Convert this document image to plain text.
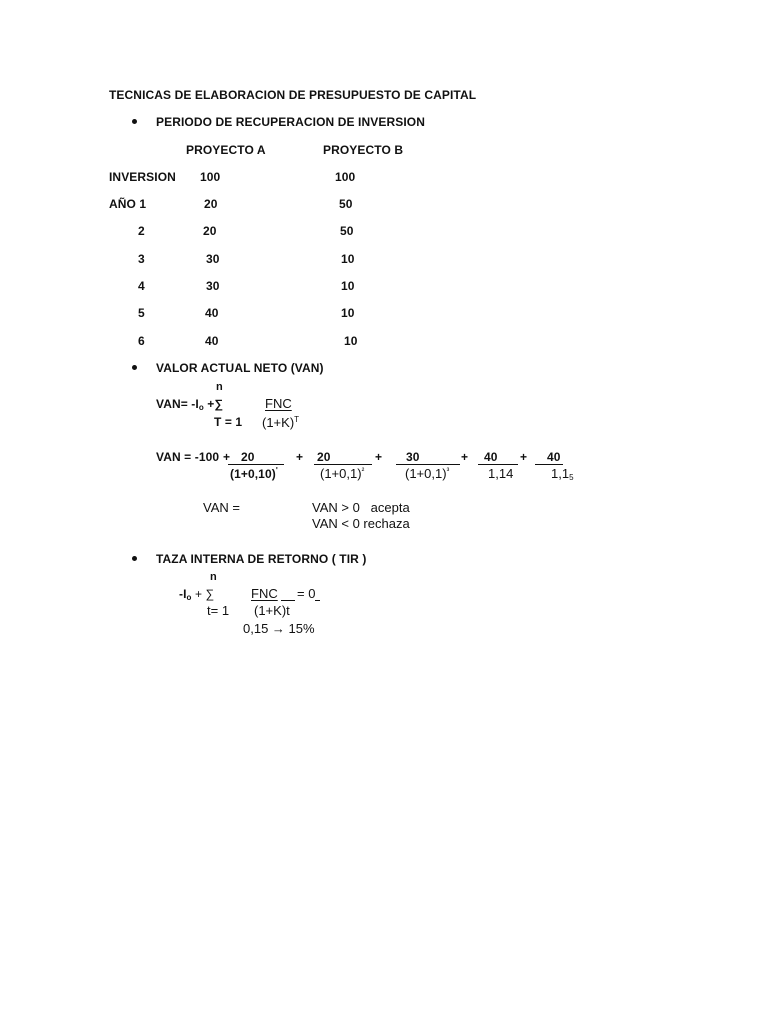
TECNICAS DE ELABORACION DE PRESUPUESTO DE CAPITAL
PERIODO DE RECUPERACION DE INVERSION
PROYECTO A	PROYECTO B
INVERSION 100	100
AÑO 1	20	50
2	20	50
3	30	10
4	30	10
5	40	10
6	40	10
VALOR ACTUAL NETO (VAN)
n
$VAN= -I_o$ +∑	FNC
T = 1 $(1+K)^T$
VAN = -100 + 20
(1+0,10)'
+ 20
$(1+0,1)^{^2}$
+ 30
$(1+0,1)^{^3}$
+ 40
1,14
+ 40
$1,1_5$
VAN =	VAN > 0   acepta
VAN < 0 rechaza
TAZA INTERNA DE RETORNO ( TIR )
n
$-I_o$ + ∑	FNC = 0
t= 1 (1+K)t
0,15 → 15%
